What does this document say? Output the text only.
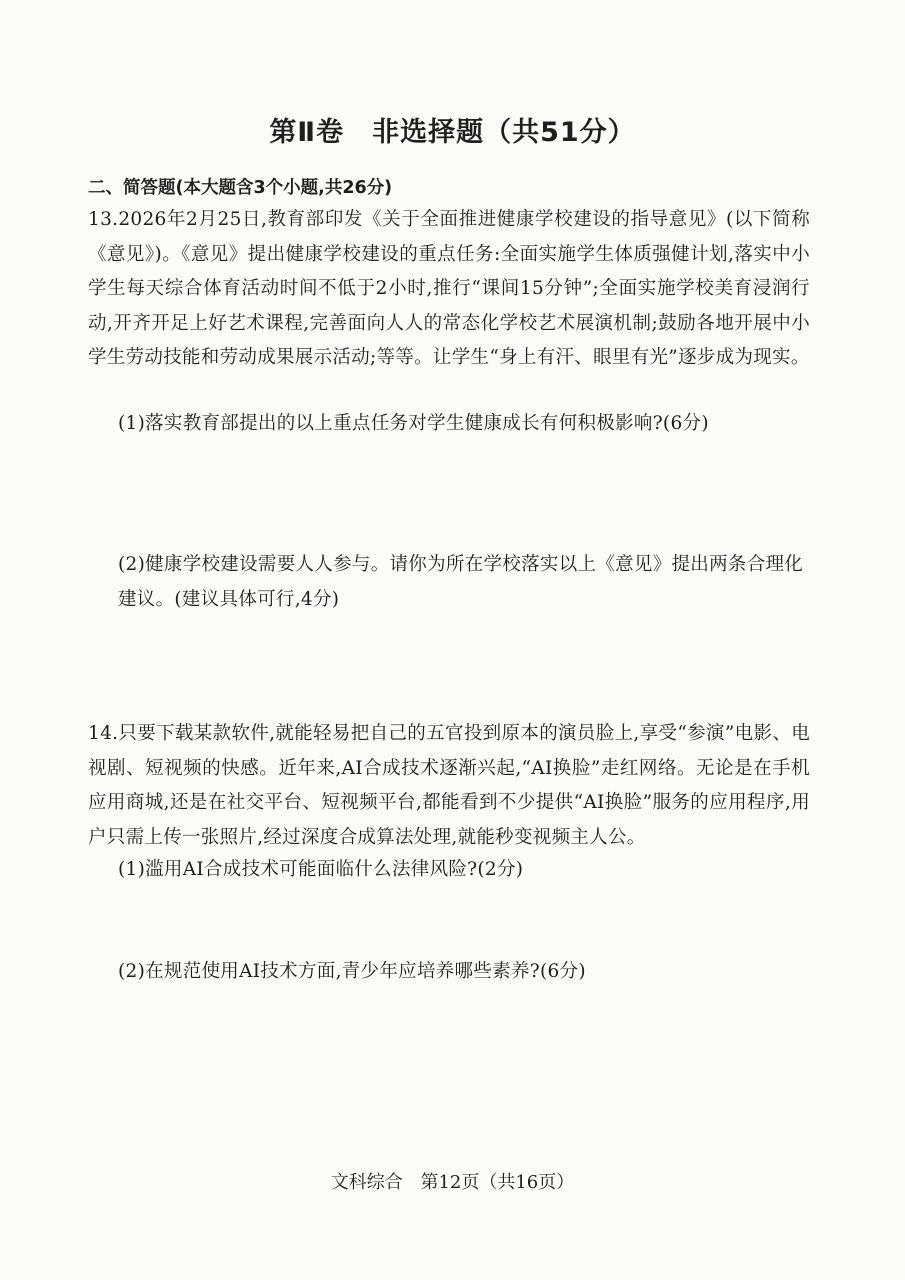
第Ⅱ卷　非选择题（共51分）
二、简答题(本大题含3个小题,共26分)
13.2026年2月25日,教育部印发《关于全面推进健康学校建设的指导意见》(以下简称《意见》)。《意见》提出健康学校建设的重点任务:全面实施学生体质强健计划,落实中小学生每天综合体育活动时间不低于2小时,推行“课间15分钟”;全面实施学校美育浸润行动,开齐开足上好艺术课程,完善面向人人的常态化学校艺术展演机制;鼓励各地开展中小学生劳动技能和劳动成果展示活动;等等。让学生“身上有汗、眼里有光”逐步成为现实。
(1)落实教育部提出的以上重点任务对学生健康成长有何积极影响?(6分)
(2)健康学校建设需要人人参与。请你为所在学校落实以上《意见》提出两条合理化建议。(建议具体可行,4分)
14.只要下载某款软件,就能轻易把自己的五官投到原本的演员脸上,享受“参演”电影、电视剧、短视频的快感。近年来,AI合成技术逐渐兴起,“AI换脸”走红网络。无论是在手机应用商城,还是在社交平台、短视频平台,都能看到不少提供“AI换脸”服务的应用程序,用户只需上传一张照片,经过深度合成算法处理,就能秒变视频主人公。
(1)滥用AI合成技术可能面临什么法律风险?(2分)
(2)在规范使用AI技术方面,青少年应培养哪些素养?(6分)
文科综合 第12页（共16页）
